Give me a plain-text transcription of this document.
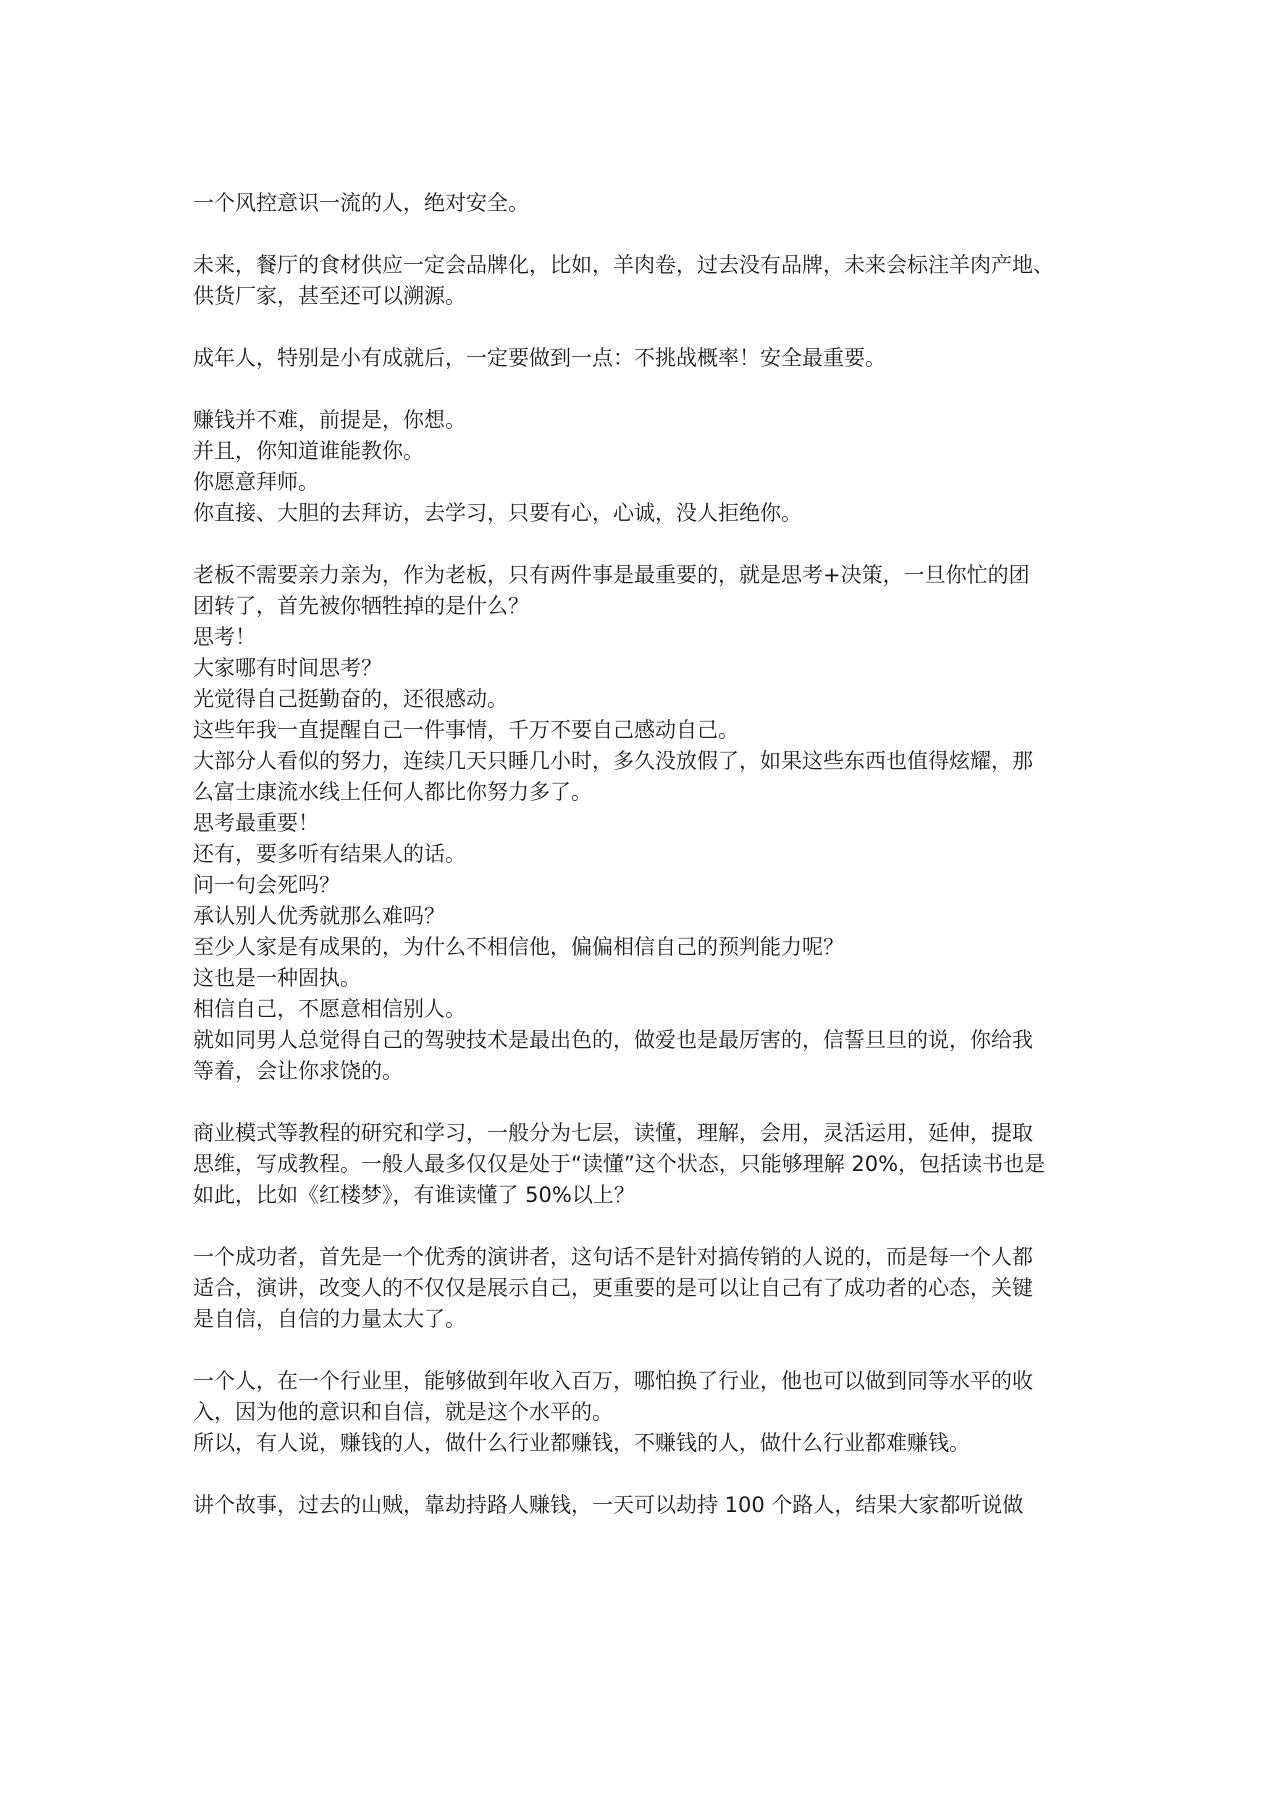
一个风控意识一流的人，绝对安全。
未来，餐厅的食材供应一定会品牌化，比如，羊肉卷，过去没有品牌，未来会标注羊肉产地、
供货厂家，甚至还可以溯源。
成年人，特别是小有成就后，一定要做到一点：不挑战概率！安全最重要。
赚钱并不难，前提是，你想。
并且，你知道谁能教你。
你愿意拜师。
你直接、大胆的去拜访，去学习，只要有心，心诚，没人拒绝你。
老板不需要亲力亲为，作为老板，只有两件事是最重要的，就是思考+决策，一旦你忙的团
团转了，首先被你牺牲掉的是什么？
思考！
大家哪有时间思考？
光觉得自己挺勤奋的，还很感动。
这些年我一直提醒自己一件事情，千万不要自己感动自己。
大部分人看似的努力，连续几天只睡几小时，多久没放假了，如果这些东西也值得炫耀，那
么富士康流水线上任何人都比你努力多了。
思考最重要！
还有，要多听有结果人的话。
问一句会死吗？
承认别人优秀就那么难吗？
至少人家是有成果的，为什么不相信他，偏偏相信自己的预判能力呢？
这也是一种固执。
相信自己，不愿意相信别人。
就如同男人总觉得自己的驾驶技术是最出色的，做爱也是最厉害的，信誓旦旦的说，你给我
等着，会让你求饶的。
商业模式等教程的研究和学习，一般分为七层，读懂，理解，会用，灵活运用，延伸，提取
思维，写成教程。一般人最多仅仅是处于“读懂”这个状态，只能够理解 20%，包括读书也是
如此，比如《红楼梦》，有谁读懂了 50%以上？
一个成功者，首先是一个优秀的演讲者，这句话不是针对搞传销的人说的，而是每一个人都
适合，演讲，改变人的不仅仅是展示自己，更重要的是可以让自己有了成功者的心态，关键
是自信，自信的力量太大了。
一个人，在一个行业里，能够做到年收入百万，哪怕换了行业，他也可以做到同等水平的收
入，因为他的意识和自信，就是这个水平的。
所以，有人说，赚钱的人，做什么行业都赚钱，不赚钱的人，做什么行业都难赚钱。
讲个故事，过去的山贼，靠劫持路人赚钱，一天可以劫持 100 个路人，结果大家都听说做
